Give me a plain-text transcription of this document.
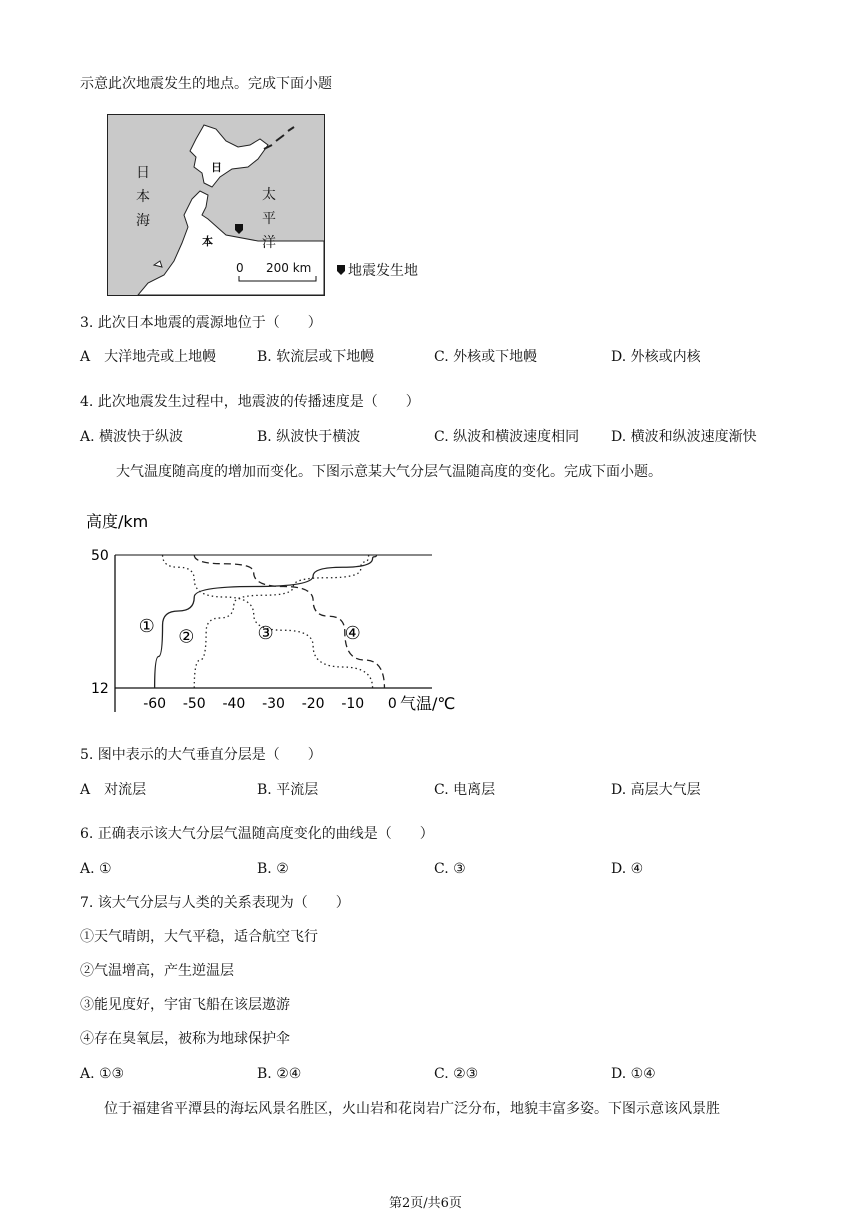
示意此次地震发生的地点。完成下面小题
日
本
海
太
平
洋
日
本
0 200 km	地震发生地
3. 此次日本地震的震源地位于（　　）
A　大洋地壳或上地幔	B. 软流层或下地幔	C. 外核或下地幔	D. 外核或内核
4. 此次地震发生过程中，地震波的传播速度是（　　）
A. 横波快于纵波	B. 纵波快于横波	C. 纵波和横波速度相同 D. 横波和纵波速度渐快
大气温度随高度的增加而变化。下图示意某大气分层气温随高度的变化。完成下面小题。
高度/km
① ②	③	④
12
50
-60 -50 -40 -30 -20 -10 0 气温/℃
5. 图中表示的大气垂直分层是（　　）
A　对流层	B. 平流层	C. 电离层	D. 高层大气层
6. 正确表示该大气分层气温随高度变化的曲线是（　　）
A. ①	B. ②	C. ③	D. ④
7. 该大气分层与人类的关系表现为（　　）
①天气晴朗，大气平稳，适合航空飞行
②气温增高，产生逆温层
③能见度好，宇宙飞船在该层遨游
④存在臭氧层，被称为地球保护伞
A. ①③	B. ②④	C. ②③	D. ①④
位于福建省平潭县的海坛风景名胜区，火山岩和花岗岩广泛分布，地貌丰富多姿。下图示意该风景胜
第2页/共6页
